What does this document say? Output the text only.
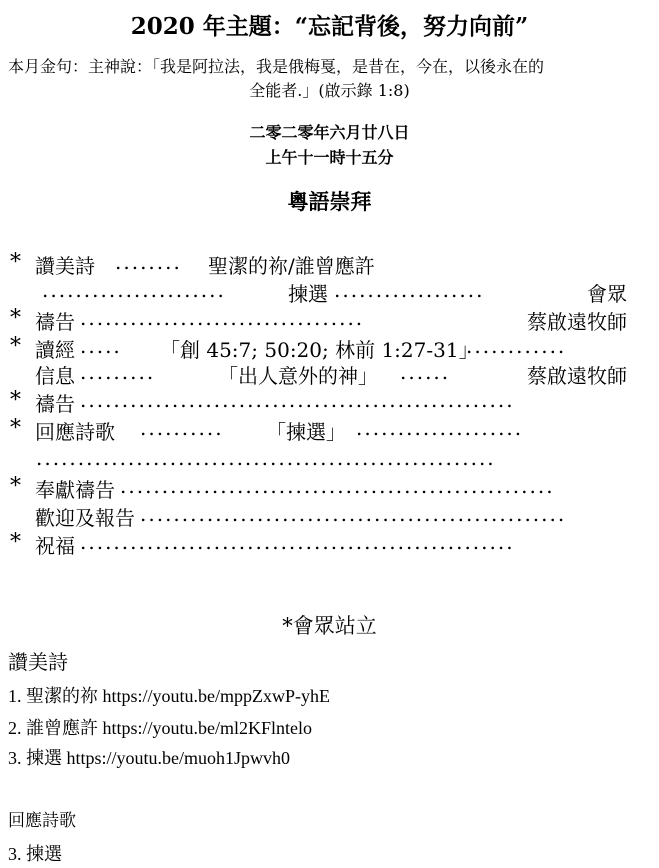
2020 年主題：“忘記背後，努力向前”
本月金句：主神說：「我是阿拉法，我是俄梅戛，是昔在，今在，以後永在的
全能者.」(啟示錄 1:8)
二零二零年六月廿八日
上午十一時十五分
粵語崇拜
* 讚美詩 ........	聖潔的祢/誰曾應許
......................	揀選 ..................	會眾
* 禱告 ..................................	蔡啟遠牧師
* 讀經 .....	「創 45:7; 50:20; 林前 1:27-31」
............
信息 .........	「出人意外的神」 ......	蔡啟遠牧師
* 禱告 ....................................................
* 回應詩歌 ..........	「揀選」 ....................
.......................................................
* 奉獻禱告 ....................................................
歡迎及報告 ...................................................
* 祝福 ....................................................
*會眾站立
讚美詩
1. 聖潔的祢 https://youtu.be/mppZxwP-yhE
2. 誰曾應許 https://youtu.be/ml2KFlntelo
3. 揀選 https://youtu.be/muoh1Jpwvh0
回應詩歌
3. 揀選
